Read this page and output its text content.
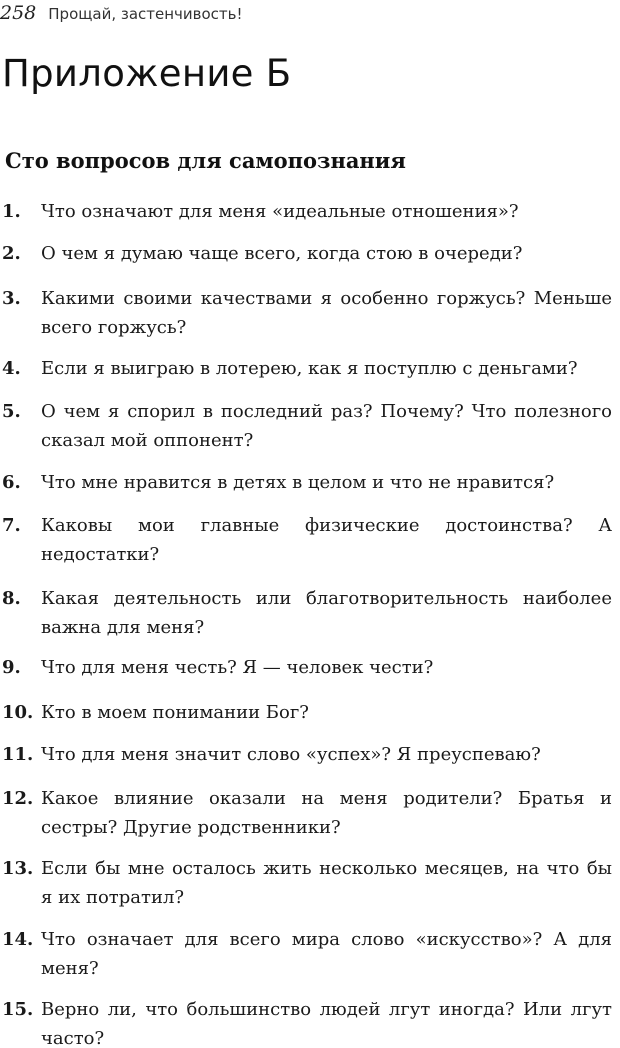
258 Прощай, застенчивость!
Приложение Б
Сто вопросов для самопознания
1.	Что означают для меня «идеальные отношения»?
2.	О чем я думаю чаще всего, когда стою в очереди?
3.	Какими своими качествами я особенно горжусь? Меньше всего горжусь?
4.	Если я выиграю в лотерею, как я поступлю с деньгами?
5.	О чем я спорил в последний раз? Почему? Что полезного сказал мой оппонент?
6.	Что мне нравится в детях в целом и что не нравится?
7.	Каковы мои главные физические достоинства? А недостатки?
8.	Какая деятельность или благотворительность наиболее важна для меня?
9.	Что для меня честь? Я — человек чести?
10. Кто в моем понимании Бог?
11. Что для меня значит слово «успех»? Я преуспеваю?
12. Какое влияние оказали на меня родители? Братья и сестры? Другие родственники?
13. Если бы мне осталось жить несколько месяцев, на что бы я их потратил?
14. Что означает для всего мира слово «искусство»? А для меня?
15. Верно ли, что большинство людей лгут иногда? Или лгут часто?
